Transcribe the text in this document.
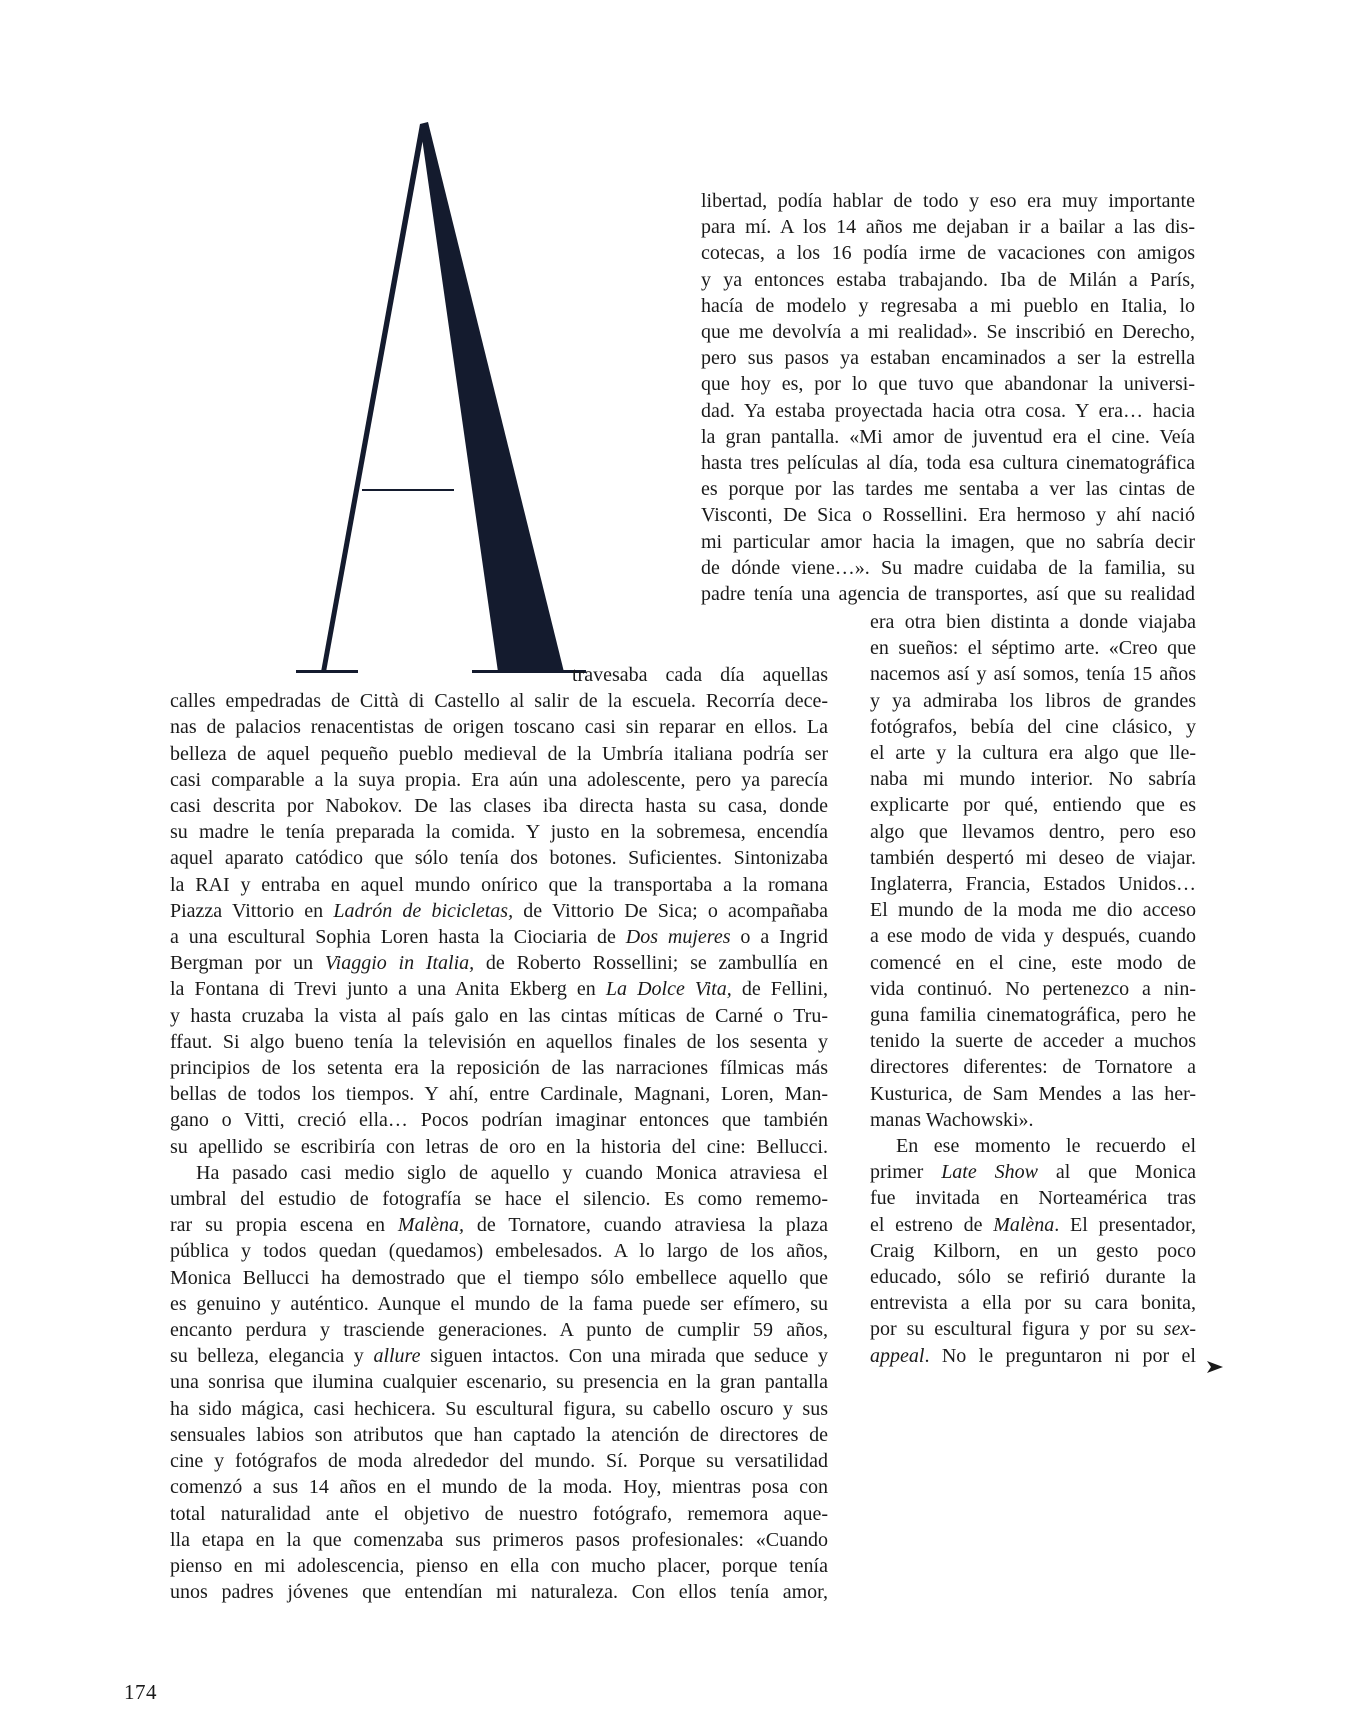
libertad, podía hablar de todo y eso era muy importante
para mí. A los 14 años me dejaban ir a bailar a las dis-
cotecas, a los 16 podía irme de vacaciones con amigos
y ya entonces estaba trabajando. Iba de Milán a París,
hacía de modelo y regresaba a mi pueblo en Italia, lo
que me devolvía a mi realidad». Se inscribió en Derecho,
pero sus pasos ya estaban encaminados a ser la estrella
que hoy es, por lo que tuvo que abandonar la universi-
dad. Ya estaba proyectada hacia otra cosa. Y era… hacia
la gran pantalla. «Mi amor de juventud era el cine. Veía
hasta tres películas al día, toda esa cultura cinematográfica
es porque por las tardes me sentaba a ver las cintas de
Visconti, De Sica o Rossellini. Era hermoso y ahí nació
mi particular amor hacia la imagen, que no sabría decir
de dónde viene…». Su madre cuidaba de la familia, su
padre tenía una agencia de transportes, así que su realidad
era otra bien distinta a donde viajaba
en sueños: el séptimo arte. «Creo que
nacemos así y así somos, tenía 15 años
y ya admiraba los libros de grandes
fotógrafos, bebía del cine clásico, y
el arte y la cultura era algo que lle-
naba mi mundo interior. No sabría
explicarte por qué, entiendo que es
algo que llevamos dentro, pero eso
también despertó mi deseo de viajar.
Inglaterra, Francia, Estados Unidos…
El mundo de la moda me dio acceso
a ese modo de vida y después, cuando
comencé en el cine, este modo de
vida continuó. No pertenezco a nin-
guna familia cinematográfica, pero he
tenido la suerte de acceder a muchos
directores diferentes: de Tornatore a
Kusturica, de Sam Mendes a las her-
manas Wachowski».

En ese momento le recuerdo el
primer Late Show al que Monica
fue invitada en Norteamérica tras
el estreno de Malèna. El presentador,
Craig Kilborn, en un gesto poco
educado, sólo se refirió durante la
entrevista a ella por su cara bonita,
por su escultural figura y por su sex-
appeal. No le preguntaron ni por el

travesaba cada día aquellas
calles empedradas de Città di Castello al salir de la escuela. Recorría dece-
nas de palacios renacentistas de origen toscano casi sin reparar en ellos. La
belleza de aquel pequeño pueblo medieval de la Umbría italiana podría ser
casi comparable a la suya propia. Era aún una adolescente, pero ya parecía
casi descrita por Nabokov. De las clases iba directa hasta su casa, donde
su madre le tenía preparada la comida. Y justo en la sobremesa, encendía
aquel aparato catódico que sólo tenía dos botones. Suficientes. Sintonizaba
la RAI y entraba en aquel mundo onírico que la transportaba a la romana
Piazza Vittorio en Ladrón de bicicletas, de Vittorio De Sica; o acompañaba
a una escultural Sophia Loren hasta la Ciociaria de Dos mujeres o a Ingrid
Bergman por un Viaggio in Italia, de Roberto Rossellini; se zambullía en
la Fontana di Trevi junto a una Anita Ekberg en La Dolce Vita, de Fellini,
y hasta cruzaba la vista al país galo en las cintas míticas de Carné o Tru-
ffaut. Si algo bueno tenía la televisión en aquellos finales de los sesenta y
principios de los setenta era la reposición de las narraciones fílmicas más
bellas de todos los tiempos. Y ahí, entre Cardinale, Magnani, Loren, Man-
gano o Vitti, creció ella… Pocos podrían imaginar entonces que también
su apellido se escribiría con letras de oro en la historia del cine: Bellucci.

Ha pasado casi medio siglo de aquello y cuando Monica atraviesa el
umbral del estudio de fotografía se hace el silencio. Es como rememo-
rar su propia escena en Malèna, de Tornatore, cuando atraviesa la plaza
pública y todos quedan (quedamos) embelesados. A lo largo de los años,
Monica Bellucci ha demostrado que el tiempo sólo embellece aquello que
es genuino y auténtico. Aunque el mundo de la fama puede ser efímero, su
encanto perdura y trasciende generaciones. A punto de cumplir 59 años,
su belleza, elegancia y allure siguen intactos. Con una mirada que seduce y
una sonrisa que ilumina cualquier escenario, su presencia en la gran pantalla
ha sido mágica, casi hechicera. Su escultural figura, su cabello oscuro y sus
sensuales labios son atributos que han captado la atención de directores de
cine y fotógrafos de moda alrededor del mundo. Sí. Porque su versatilidad
comenzó a sus 14 años en el mundo de la moda. Hoy, mientras posa con
total naturalidad ante el objetivo de nuestro fotógrafo, rememora aque-
lla etapa en la que comenzaba sus primeros pasos profesionales: «Cuando
pienso en mi adolescencia, pienso en ella con mucho placer, porque tenía
unos padres jóvenes que entendían mi naturaleza. Con ellos tenía amor,

174
